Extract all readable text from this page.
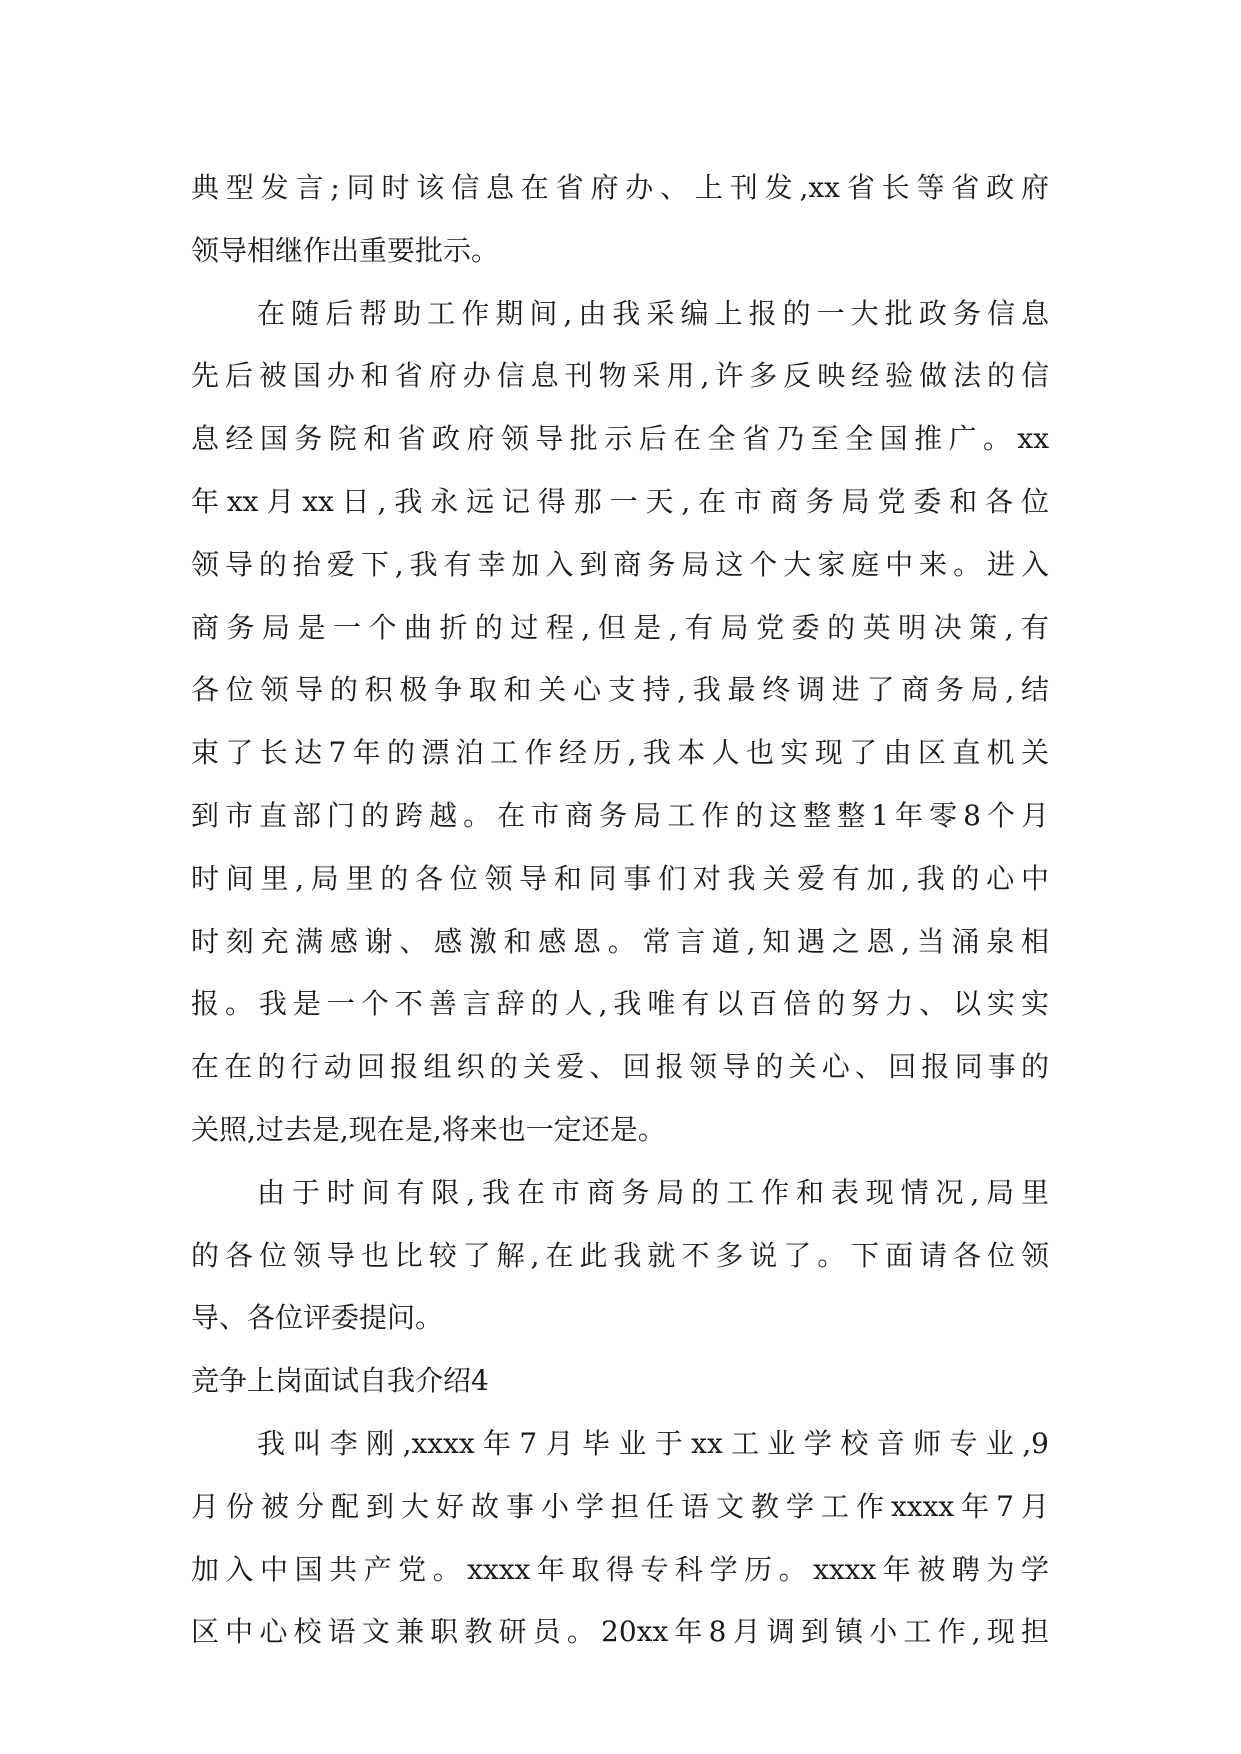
典型发言;同时该信息在省府办、上刊发,xx省长等省政府
领导相继作出重要批示。
在随后帮助工作期间,由我采编上报的一大批政务信息
先后被国办和省府办信息刊物采用,许多反映经验做法的信
息经国务院和省政府领导批示后在全省乃至全国推广。xx
年xx月xx日,我永远记得那一天,在市商务局党委和各位
领导的抬爱下,我有幸加入到商务局这个大家庭中来。进入
商务局是一个曲折的过程,但是,有局党委的英明决策,有
各位领导的积极争取和关心支持,我最终调进了商务局,结
束了长达7年的漂泊工作经历,我本人也实现了由区直机关
到市直部门的跨越。在市商务局工作的这整整1年零8个月
时间里,局里的各位领导和同事们对我关爱有加,我的心中
时刻充满感谢、感激和感恩。常言道,知遇之恩,当涌泉相
报。我是一个不善言辞的人,我唯有以百倍的努力、以实实
在在的行动回报组织的关爱、回报领导的关心、回报同事的
关照,过去是,现在是,将来也一定还是。
由于时间有限,我在市商务局的工作和表现情况,局里
的各位领导也比较了解,在此我就不多说了。下面请各位领
导、各位评委提问。
竞争上岗面试自我介绍4
我叫李刚,xxxx年7月毕业于xx工业学校音师专业,9
月份被分配到大好故事小学担任语文教学工作xxxx年7月
加入中国共产党。xxxx年取得专科学历。xxxx年被聘为学
区中心校语文兼职教研员。20xx年8月调到镇小工作,现担
